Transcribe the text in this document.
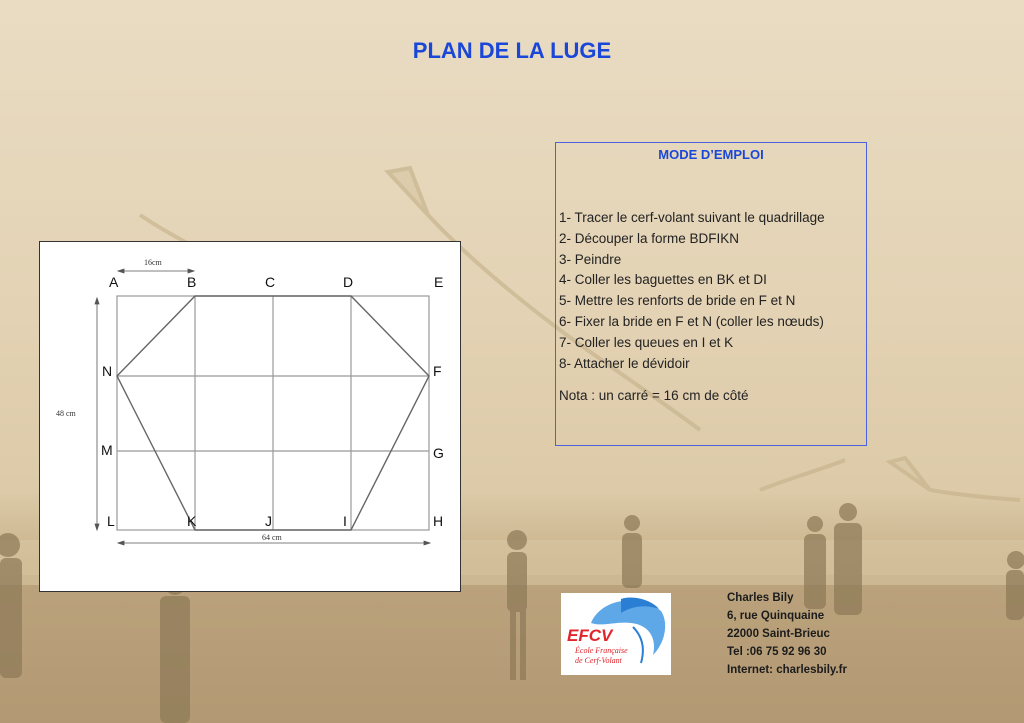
PLAN DE LA LUGE
16cm
48 cm
64 cm
A	B	C	D	E
N	F
M	G
L	K	J	I	H
MODE D’EMPLOI
1- Tracer le cerf-volant suivant le quadrillage
2- Découper la forme BDFIKN
3- Peindre
4- Coller les baguettes en BK et DI
5- Mettre les renforts de bride en F et N
6- Fixer la bride en F et N (coller les nœuds)
7- Coller les queues en I et K
8- Attacher le dévidoir
Nota : un carré = 16 cm de côté
EFCV
École Française
de Cerf-Volant
Charles Bily
6, rue Quinquaine
22000 Saint-Brieuc
Tel :06 75 92 96 30
Internet: charlesbily.fr
